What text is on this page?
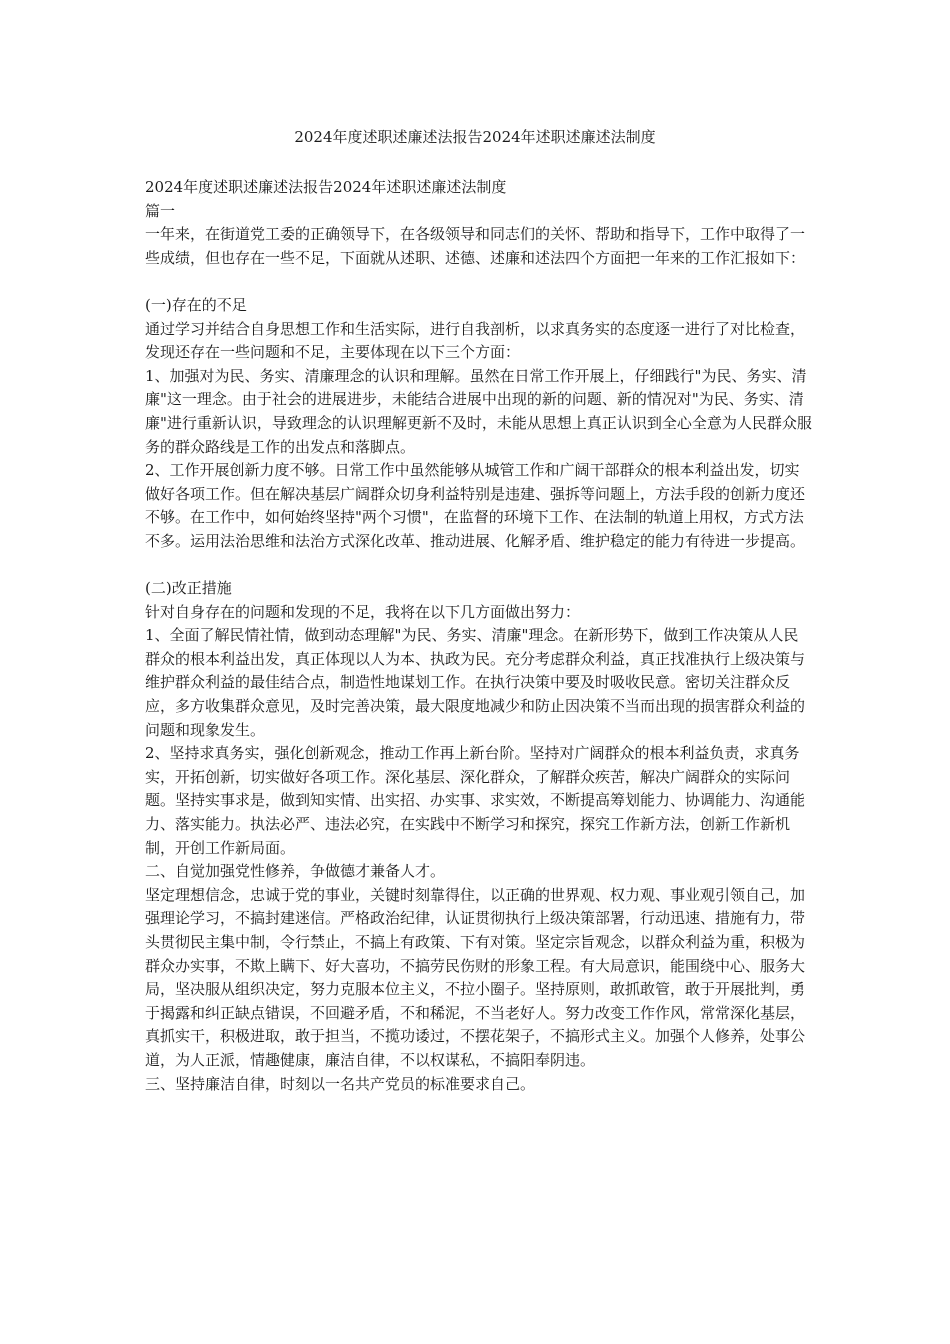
2024年度述职述廉述法报告2024年述职述廉述法制度

2024年度述职述廉述法报告2024年述职述廉述法制度

篇一

一年来，在街道党工委的正确领导下，在各级领导和同志们的关怀、帮助和指导下，工作中取得了一些成绩，但也存在一些不足，下面就从述职、述德、述廉和述法四个方面把一年来的工作汇报如下：

(一)存在的不足

通过学习并结合自身思想工作和生活实际，进行自我剖析，以求真务实的态度逐一进行了对比检查，发现还存在一些问题和不足，主要体现在以下三个方面：

1、加强对为民、务实、清廉理念的认识和理解。虽然在日常工作开展上，仔细践行"为民、务实、清廉"这一理念。由于社会的进展进步，未能结合进展中出现的新的问题、新的情况对"为民、务实、清廉"进行重新认识，导致理念的认识理解更新不及时，未能从思想上真正认识到全心全意为人民群众服务的群众路线是工作的出发点和落脚点。

2、工作开展创新力度不够。日常工作中虽然能够从城管工作和广阔干部群众的根本利益出发，切实做好各项工作。但在解决基层广阔群众切身利益特别是违建、强拆等问题上，方法手段的创新力度还不够。在工作中，如何始终坚持"两个习惯"，在监督的环境下工作、在法制的轨道上用权，方式方法不多。运用法治思维和法治方式深化改革、推动进展、化解矛盾、维护稳定的能力有待进一步提高。

(二)改正措施

针对自身存在的问题和发现的不足，我将在以下几方面做出努力：

1、全面了解民情社情，做到动态理解"为民、务实、清廉"理念。在新形势下，做到工作决策从人民群众的根本利益出发，真正体现以人为本、执政为民。充分考虑群众利益，真正找准执行上级决策与维护群众利益的最佳结合点，制造性地谋划工作。在执行决策中要及时吸收民意。密切关注群众反应，多方收集群众意见，及时完善决策，最大限度地减少和防止因决策不当而出现的损害群众利益的问题和现象发生。

2、坚持求真务实，强化创新观念，推动工作再上新台阶。坚持对广阔群众的根本利益负责，求真务实，开拓创新，切实做好各项工作。深化基层、深化群众，了解群众疾苦，解决广阔群众的实际问题。坚持实事求是，做到知实情、出实招、办实事、求实效，不断提高筹划能力、协调能力、沟通能力、落实能力。执法必严、违法必究，在实践中不断学习和探究，探究工作新方法，创新工作新机制，开创工作新局面。

二、自觉加强党性修养，争做德才兼备人才。

坚定理想信念，忠诚于党的事业，关键时刻靠得住，以正确的世界观、权力观、事业观引领自己，加强理论学习，不搞封建迷信。严格政治纪律，认证贯彻执行上级决策部署，行动迅速、措施有力，带头贯彻民主集中制，令行禁止，不搞上有政策、下有对策。坚定宗旨观念，以群众利益为重，积极为群众办实事，不欺上瞒下、好大喜功，不搞劳民伤财的形象工程。有大局意识，能围绕中心、服务大局，坚决服从组织决定，努力克服本位主义，不拉小圈子。坚持原则，敢抓敢管，敢于开展批判，勇于揭露和纠正缺点错误，不回避矛盾，不和稀泥，不当老好人。努力改变工作作风，常常深化基层，真抓实干，积极进取，敢于担当，不揽功诿过，不摆花架子，不搞形式主义。加强个人修养，处事公道，为人正派，情趣健康，廉洁自律，不以权谋私，不搞阳奉阴违。

三、坚持廉洁自律，时刻以一名共产党员的标准要求自己。
